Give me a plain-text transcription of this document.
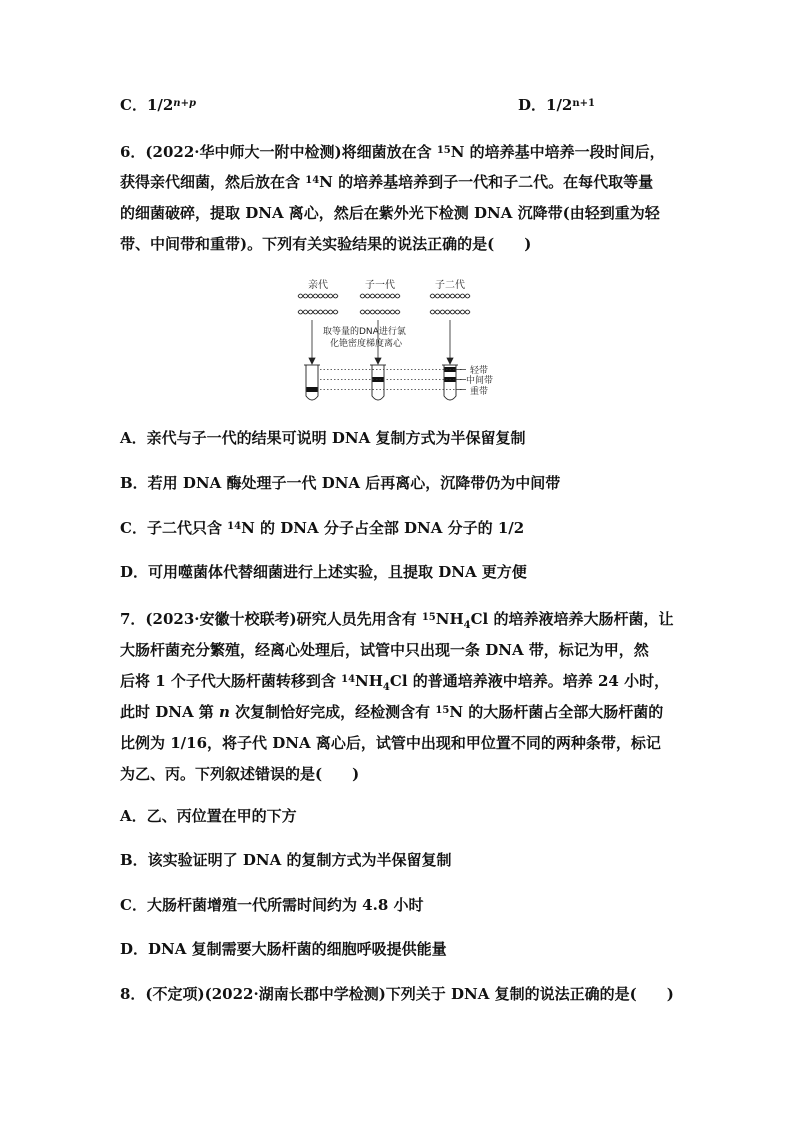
C．$1/2^{n+p}$	D．$1/2^{n+1}$
6．(2022·华中师大一附中检测)将细菌放在含 $^{15}$N 的培养基中培养一段时间后，
获得亲代细菌，然后放在含 $^{14}$N 的培养基培养到子一代和子二代。在每代取等量
的细菌破碎，提取 DNA 离心，然后在紫外光下检测 DNA 沉降带(由轻到重为轻
带、中间带和重带)。下列有关实验结果的说法正确的是(　　)
亲代	子一代	子二代
取等量的DNA进行氯
化铯密度梯度离心
轻带
中间带
重带
A．亲代与子一代的结果可说明 DNA 复制方式为半保留复制
B．若用 DNA 酶处理子一代 DNA 后再离心，沉降带仍为中间带
C．子二代只含 $^{14}$N 的 DNA 分子占全部 DNA 分子的 1/2
D．可用噬菌体代替细菌进行上述实验，且提取 DNA 更方便
7．(2023·安徽十校联考)研究人员先用含有 $^{15}NH_4Cl$ 的培养液培养大肠杆菌，让
大肠杆菌充分繁殖，经离心处理后，试管中只出现一条 DNA 带，标记为甲，然
后将 1 个子代大肠杆菌转移到含 $^{14}NH_4Cl$ 的普通培养液中培养。培养 24 小时，
此时 DNA 第 n 次复制恰好完成，经检测含有 $^{15}$N 的大肠杆菌占全部大肠杆菌的
比例为 1/16，将子代 DNA 离心后，试管中出现和甲位置不同的两种条带，标记
为乙、丙。下列叙述错误的是(　　)
A．乙、丙位置在甲的下方
B．该实验证明了 DNA 的复制方式为半保留复制
C．大肠杆菌增殖一代所需时间约为 4.8 小时
D．DNA 复制需要大肠杆菌的细胞呼吸提供能量
8．(不定项)(2022·湖南长郡中学检测)下列关于 DNA 复制的说法正确的是(　　)
